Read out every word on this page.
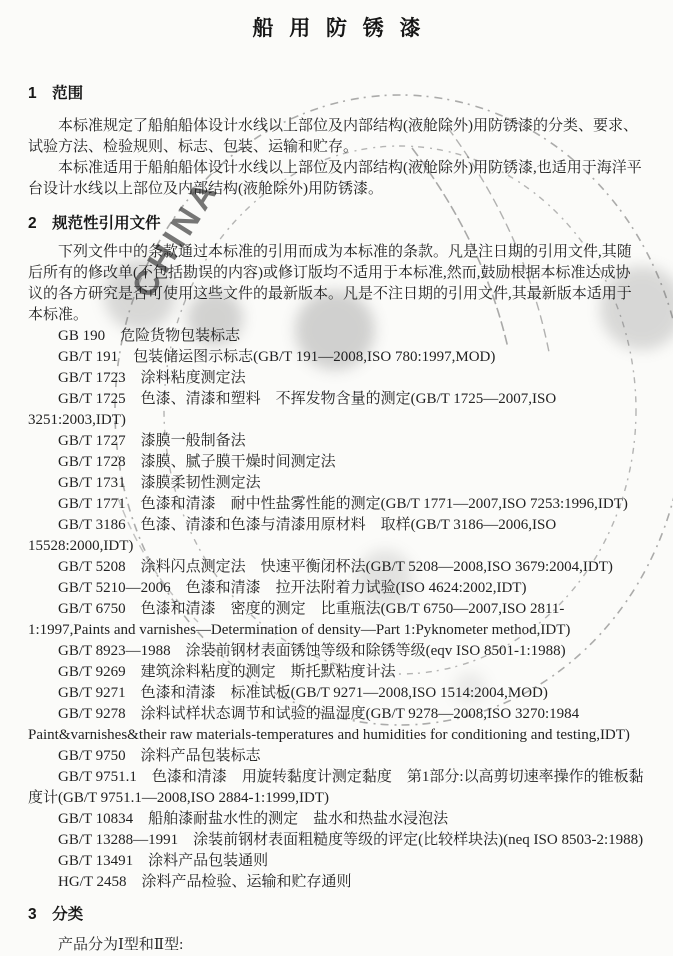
CHINA
船用防锈漆
1　范围

本标准规定了船舶船体设计水线以上部位及内部结构(液舱除外)用防锈漆的分类、要求、试验方法、检验规则、标志、包装、运输和贮存。

本标准适用于船舶船体设计水线以上部位及内部结构(液舱除外)用防锈漆,也适用于海洋平台设计水线以上部位及内部结构(液舱除外)用防锈漆。

2　规范性引用文件

下列文件中的条款通过本标准的引用而成为本标准的条款。凡是注日期的引用文件,其随后所有的修改单(不包括勘误的内容)或修订版均不适用于本标准,然而,鼓励根据本标准达成协议的各方研究是否可使用这些文件的最新版本。凡是不注日期的引用文件,其最新版本适用于本标准。

GB 190　危险货物包装标志

GB/T 191　包装储运图示标志(GB/T 191—2008,ISO 780:1997,MOD)

GB/T 1723　涂料粘度测定法

GB/T 1725　色漆、清漆和塑料　不挥发物含量的测定(GB/T 1725—2007,ISO 3251:2003,IDT)

GB/T 1727　漆膜一般制备法

GB/T 1728　漆膜、腻子膜干燥时间测定法

GB/T 1731　漆膜柔韧性测定法

GB/T 1771　色漆和清漆　耐中性盐雾性能的测定(GB/T 1771—2007,ISO 7253:1996,IDT)

GB/T 3186　色漆、清漆和色漆与清漆用原材料　取样(GB/T 3186—2006,ISO 15528:2000,IDT)

GB/T 5208　涂料闪点测定法　快速平衡闭杯法(GB/T 5208—2008,ISO 3679:2004,IDT)

GB/T 5210—2006　色漆和清漆　拉开法附着力试验(ISO 4624:2002,IDT)

GB/T 6750　色漆和清漆　密度的测定　比重瓶法(GB/T 6750—2007,ISO 2811-1:1997,Paints and varnishes—Determination of density—Part 1:Pyknometer method,IDT)

GB/T 8923—1988　涂装前钢材表面锈蚀等级和除锈等级(eqv ISO 8501-1:1988)

GB/T 9269　建筑涂料粘度的测定　斯托默粘度计法

GB/T 9271　色漆和清漆　标准试板(GB/T 9271—2008,ISO 1514:2004,MOD)

GB/T 9278　涂料试样状态调节和试验的温湿度(GB/T 9278—2008,ISO 3270:1984 Paint&varnishes&their raw materials-temperatures and humidities for conditioning and testing,IDT)

GB/T 9750　涂料产品包装标志

GB/T 9751.1　色漆和清漆　用旋转黏度计测定黏度　第1部分:以高剪切速率操作的锥板黏度计(GB/T 9751.1—2008,ISO 2884-1:1999,IDT)

GB/T 10834　船舶漆耐盐水性的测定　盐水和热盐水浸泡法

GB/T 13288—1991　涂装前钢材表面粗糙度等级的评定(比较样块法)(neq ISO 8503-2:1988)

GB/T 13491　涂料产品包装通则

HG/T 2458　涂料产品检验、运输和贮存通则

3　分类

产品分为Ⅰ型和Ⅱ型:
